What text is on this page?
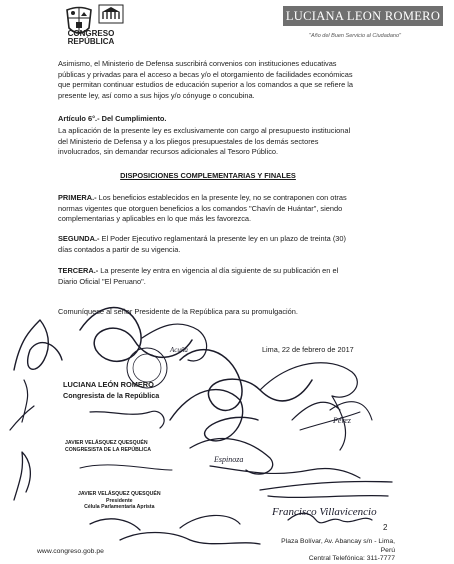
CONGRESO
REPÚBLICA
LUCIANA LEON ROMERO
"Año del Buen Servicio al Ciudadano"
Asimismo, el Ministerio de Defensa suscribirá convenios con instituciones educativas públicas y privadas para el acceso a becas y/o el otorgamiento de facilidades económicas que permitan continuar estudios de educación superior a los comandos a que se refiere la presente ley, así como a sus hijos y/o cónyuge o concubina.
Artículo 6°.- Del Cumplimiento.
La aplicación de la presente ley es exclusivamente con cargo al presupuesto institucional del Ministerio de Defensa y a los pliegos presupuestales de los demás sectores involucrados, sin demandar recursos adicionales al Tesoro Público.
DISPOSICIONES COMPLEMENTARIAS Y FINALES
PRIMERA.- Los beneficios establecidos en la presente ley, no se contraponen con otras normas vigentes que otorguen beneficios a los comandos "Chavín de Huántar", siendo complementarias y aplicables en lo que más les favorezca.
SEGUNDA.- El Poder Ejecutivo reglamentará la presente ley en un plazo de treinta (30) días contados a partir de su vigencia.
TERCERA.- La presente ley entra en vigencia al día siguiente de su publicación en el Diario Oficial "El Peruano".
Comuníquese al señor Presidente de la República para su promulgación.
Lima, 22 de febrero de 2017
Francisco Villavicencio
Acuña
Espinoza
Pérez
LUCIANA LEÓN ROMERO
Congresista de la República
JAVIER VELÁSQUEZ QUESQUÉN
CONGRESISTA DE LA REPÚBLICA
JAVIER VELÁSQUEZ QUESQUÉN
Presidente
Célula Parlamentaria Aprista
2
www.congreso.gob.pe
Plaza Bolívar, Av. Abancay s/n - Lima, Perú
Central Telefónica: 311-7777
